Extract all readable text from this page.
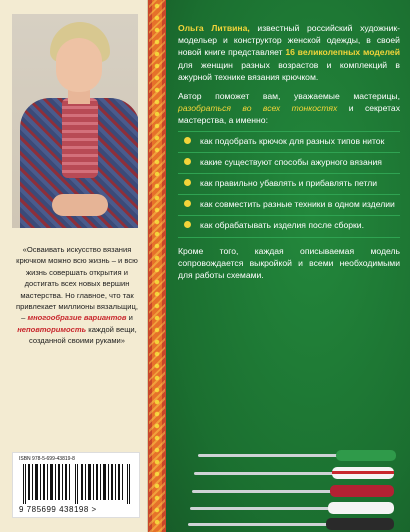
«Осваивать искусство вязания крючком можно всю жизнь – и всю жизнь совершать открытия и достигать всех новых вершин мастерства. Но главное, что так привлекает миллионы вязальщиц, – многообразие вариантов и неповторимость каждой вещи, созданной своими руками»
ISBN 978-5-699-43819-8
9 785699 438198 >

Ольга Литвина, известный российский художник-модельер и конструктор женской одежды, в своей новой книге представляет 16 великолепных моделей для женщин разных возрастов и комплекций в ажурной технике вязания крючком.

Автор поможет вам, уважаемые мастерицы, разобраться во всех тонкостях и секретах мастерства, а именно:

как подобрать крючок для разных типов ниток
какие существуют способы ажурного вязания
как правильно убавлять и прибавлять петли
как совместить разные техники в одном изделии
как обрабатывать изделия после сборки.

Кроме того, каждая описываемая модель сопровождается выкройкой и всеми необходимыми для работы схемами.
